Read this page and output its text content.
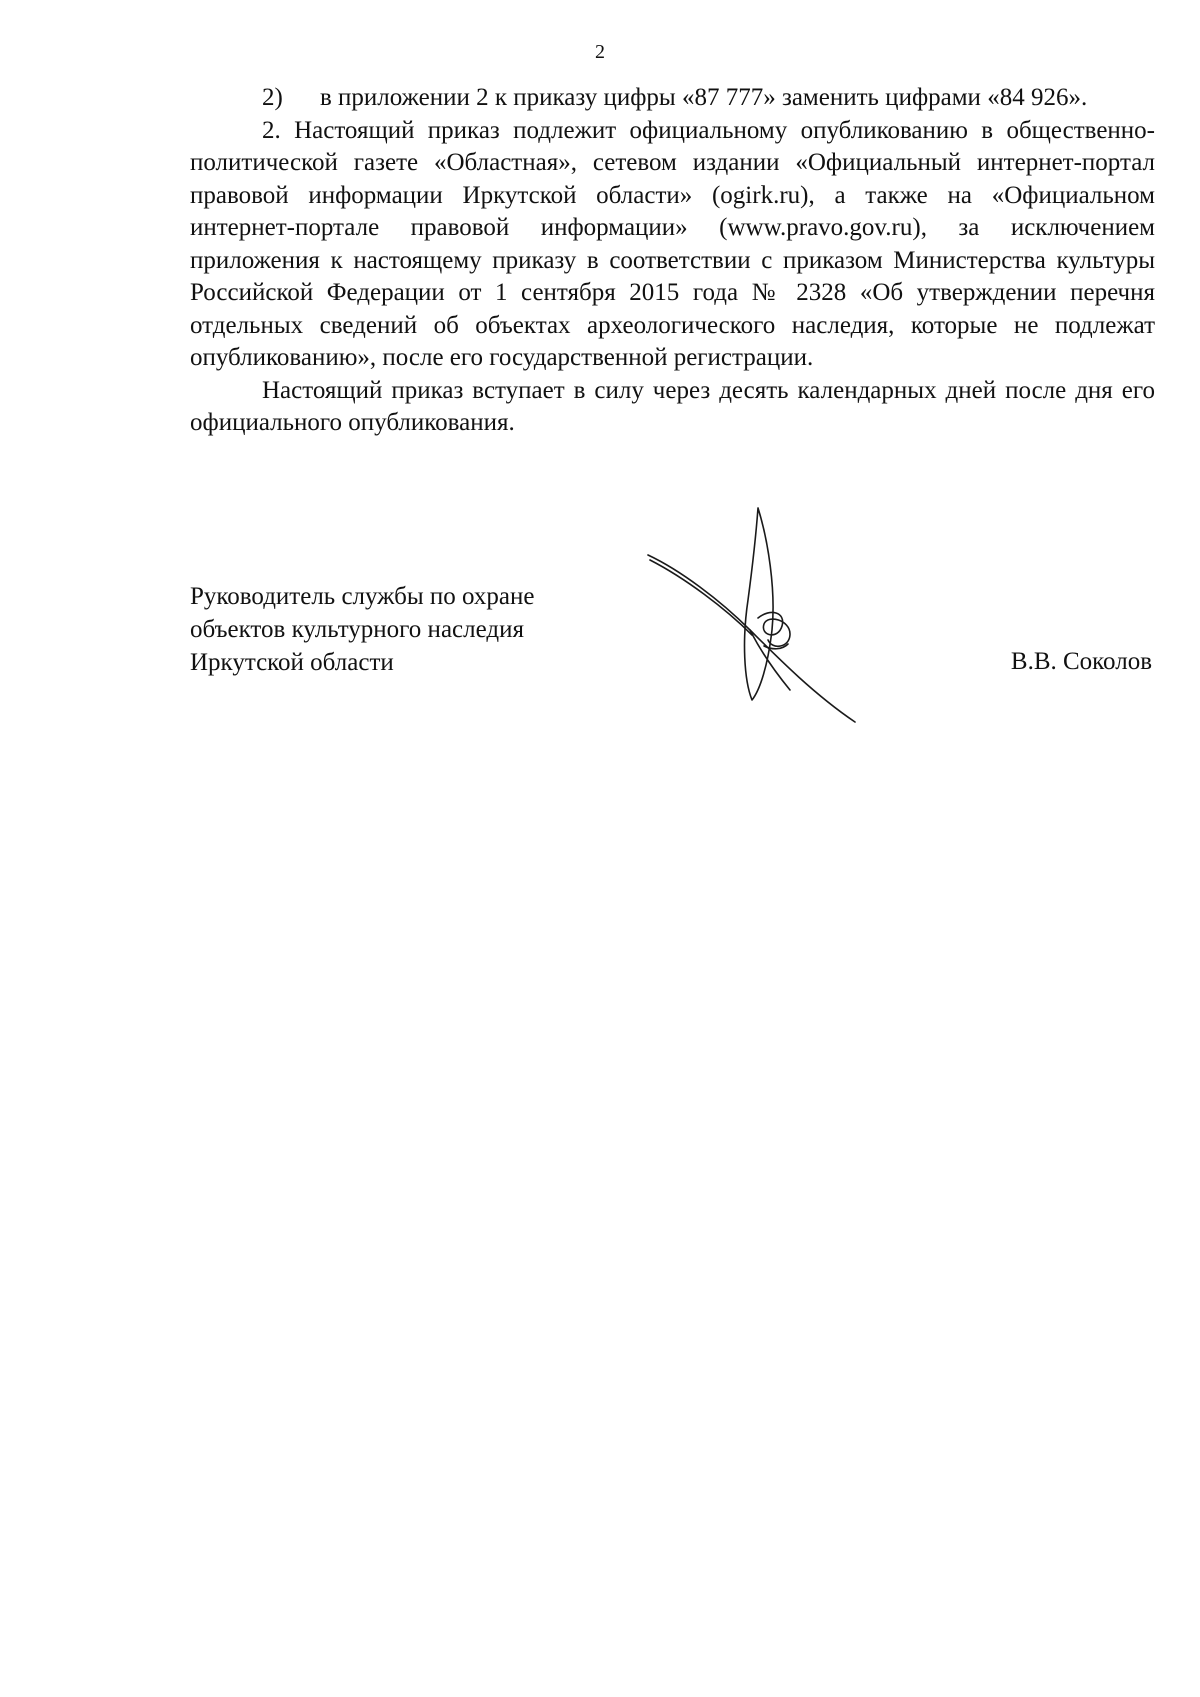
2

2) в приложении 2 к приказу цифры «87 777» заменить цифрами «84 926».

2. Настоящий приказ подлежит официальному опубликованию в общественно-политической газете «Областная», сетевом издании «Официальный интернет-портал правовой информации Иркутской области» (ogirk.ru), а также на «Официальном интернет-портале правовой информации» (www.pravo.gov.ru), за исключением приложения к настоящему приказу в соответствии с приказом Министерства культуры Российской Федерации от 1 сентября 2015 года № 2328 «Об утверждении перечня отдельных сведений об объектах археологического наследия, которые не подлежат опубликованию», после его государственной регистрации.

Настоящий приказ вступает в силу через десять календарных дней после дня его официального опубликования.

Руководитель службы по охране
объектов культурного наследия
Иркутской области	В.В. Соколов
